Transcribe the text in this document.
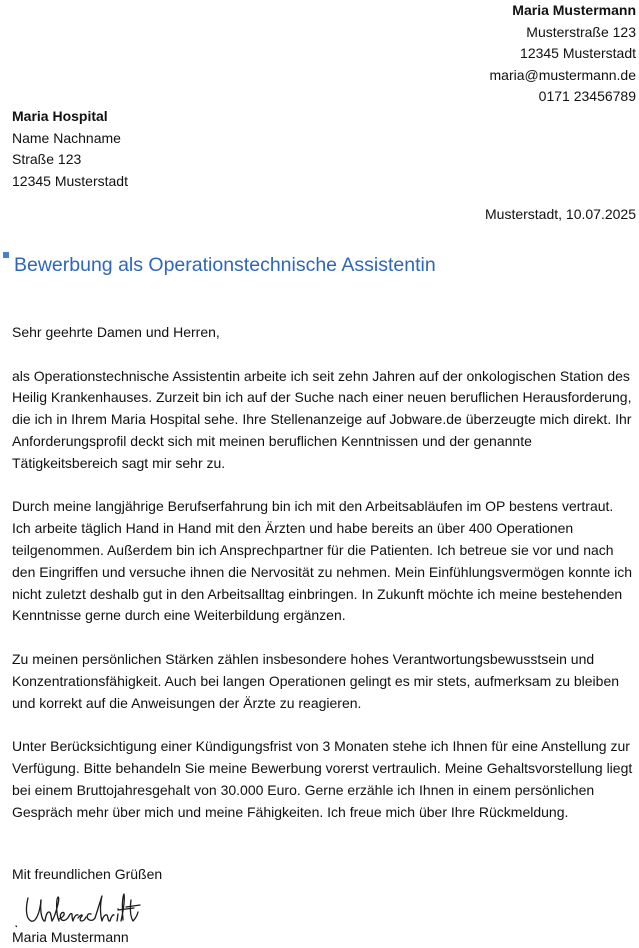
Maria Mustermann
Musterstraße 123
12345 Musterstadt
maria@mustermann.de
0171 23456789
Maria Hospital
Name Nachname
Straße 123
12345 Musterstadt
Musterstadt, 10.07.2025
Bewerbung als Operationstechnische Assistentin

Sehr geehrte Damen und Herren,

als Operationstechnische Assistentin arbeite ich seit zehn Jahren auf der onkologischen Station des Heilig Krankenhauses. Zurzeit bin ich auf der Suche nach einer neuen beruflichen Herausforderung, die ich in Ihrem Maria Hospital sehe. Ihre Stellenanzeige auf Jobware.de überzeugte mich direkt. Ihr Anforderungsprofil deckt sich mit meinen beruflichen Kenntnissen und der genannte Tätigkeitsbereich sagt mir sehr zu.

Durch meine langjährige Berufserfahrung bin ich mit den Arbeitsabläufen im OP bestens vertraut. Ich arbeite täglich Hand in Hand mit den Ärzten und habe bereits an über 400 Operationen teilgenommen. Außerdem bin ich Ansprechpartner für die Patienten. Ich betreue sie vor und nach den Eingriffen und versuche ihnen die Nervosität zu nehmen. Mein Einfühlungsvermögen konnte ich nicht zuletzt deshalb gut in den Arbeitsalltag einbringen. In Zukunft möchte ich meine bestehenden Kenntnisse gerne durch eine Weiterbildung ergänzen.

Zu meinen persönlichen Stärken zählen insbesondere hohes Verantwortungsbewusstsein und Konzentrationsfähigkeit. Auch bei langen Operationen gelingt es mir stets, aufmerksam zu bleiben und korrekt auf die Anweisungen der Ärzte zu reagieren.

Unter Berücksichtigung einer Kündigungsfrist von 3 Monaten stehe ich Ihnen für eine Anstellung zur Verfügung. Bitte behandeln Sie meine Bewerbung vorerst vertraulich. Meine Gehaltsvorstellung liegt bei einem Bruttojahresgehalt von 30.000 Euro. Gerne erzähle ich Ihnen in einem persönlichen Gespräch mehr über mich und meine Fähigkeiten. Ich freue mich über Ihre Rückmeldung.

Mit freundlichen Grüßen
Maria Mustermann
